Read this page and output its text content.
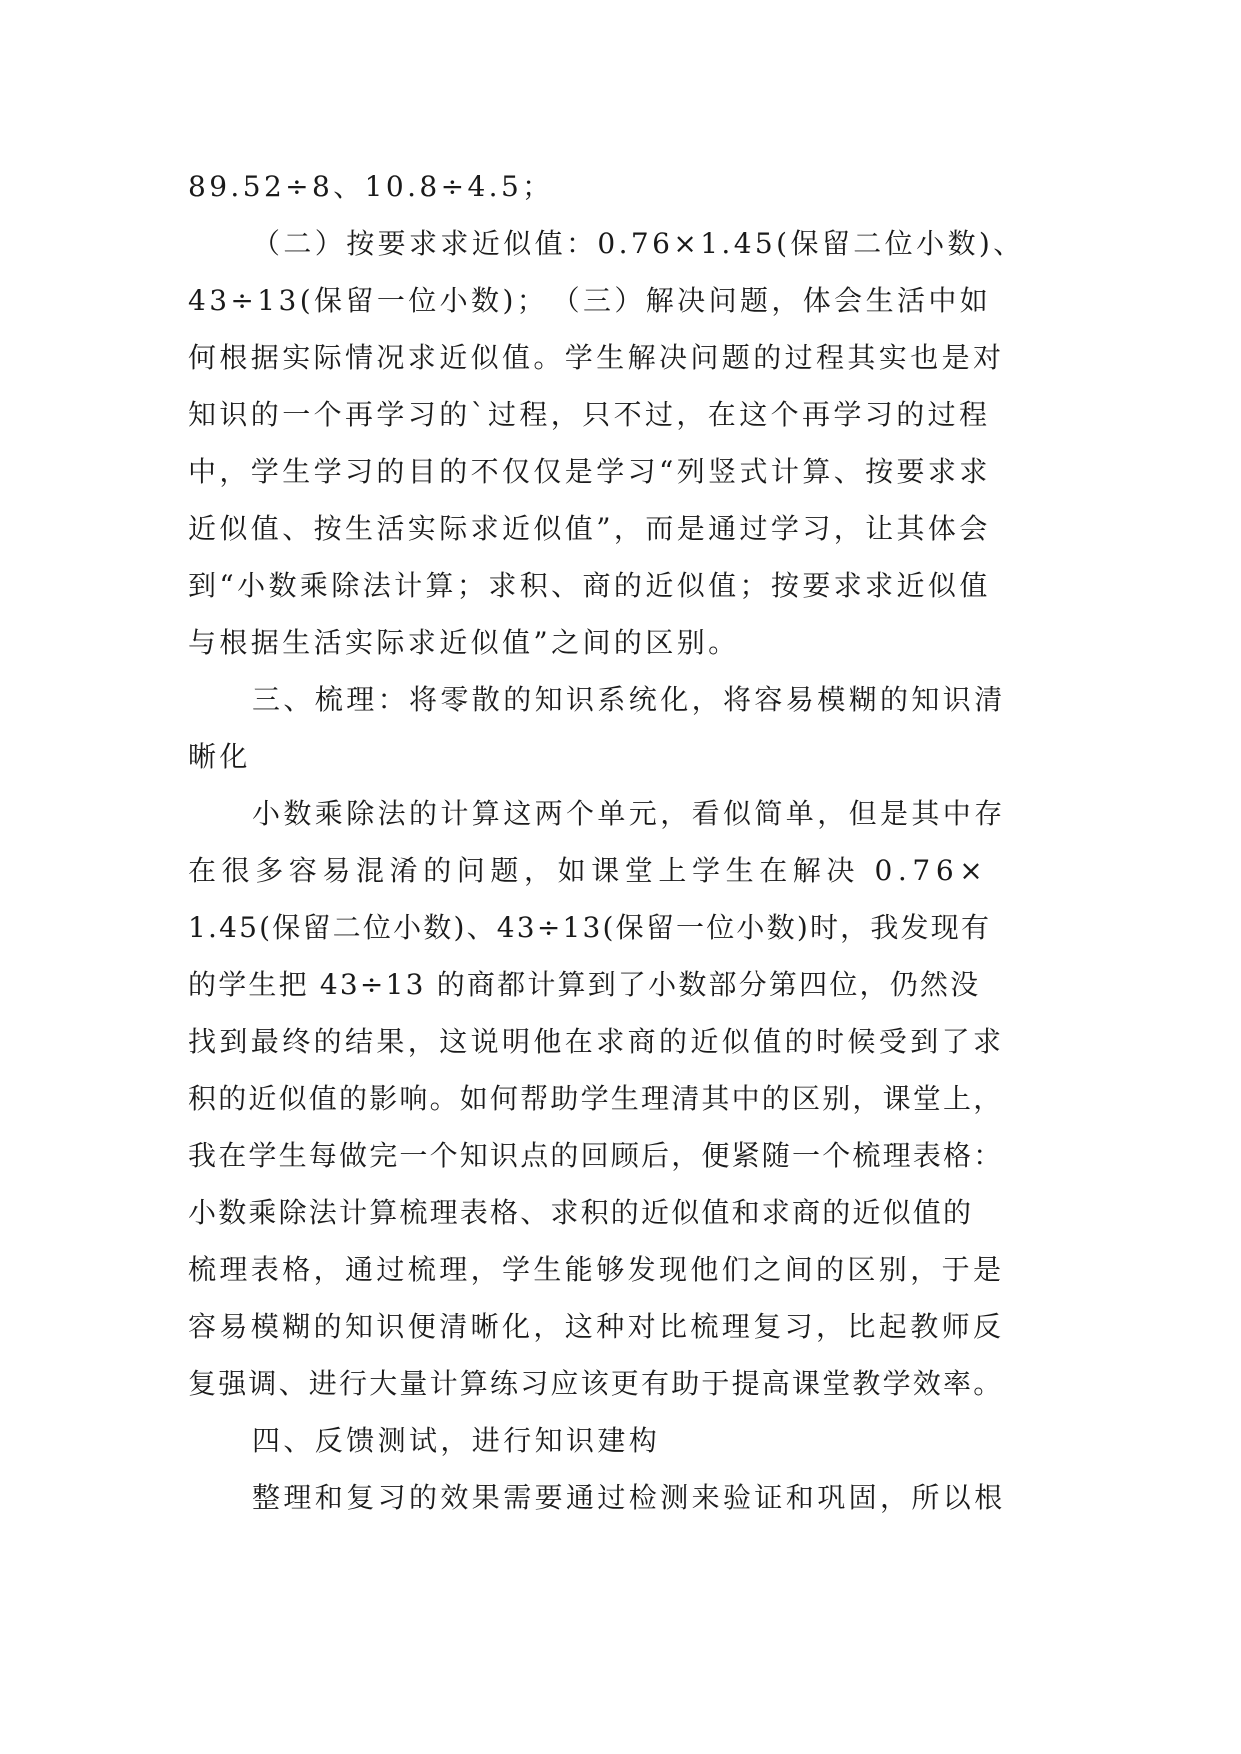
89.52÷8、10.8÷4.5；
（二）按要求求近似值：0.76×1.45(保留二位小数)、
43÷13(保留一位小数)；　（三）解决问题，体会生活中如
何根据实际情况求近似值。学生解决问题的过程其实也是对
知识的一个再学习的`过程，只不过，在这个再学习的过程
中，学生学习的目的不仅仅是学习“列竖式计算、按要求求
近似值、按生活实际求近似值”，而是通过学习，让其体会
到“小数乘除法计算；求积、商的近似值；按要求求近似值
与根据生活实际求近似值”之间的区别。
三、梳理：将零散的知识系统化，将容易模糊的知识清
晰化
小数乘除法的计算这两个单元，看似简单，但是其中存
在很多容易混淆的问题，如课堂上学生在解决 0.76×
1.45(保留二位小数)、43÷13(保留一位小数)时，我发现有
的学生把 43÷13 的商都计算到了小数部分第四位，仍然没
找到最终的结果，这说明他在求商的近似值的时候受到了求
积的近似值的影响。如何帮助学生理清其中的区别，课堂上，
我在学生每做完一个知识点的回顾后，便紧随一个梳理表格：
小数乘除法计算梳理表格、求积的近似值和求商的近似值的
梳理表格，通过梳理，学生能够发现他们之间的区别，于是
容易模糊的知识便清晰化，这种对比梳理复习，比起教师反
复强调、进行大量计算练习应该更有助于提高课堂教学效率。
四、反馈测试，进行知识建构
整理和复习的效果需要通过检测来验证和巩固，所以根
